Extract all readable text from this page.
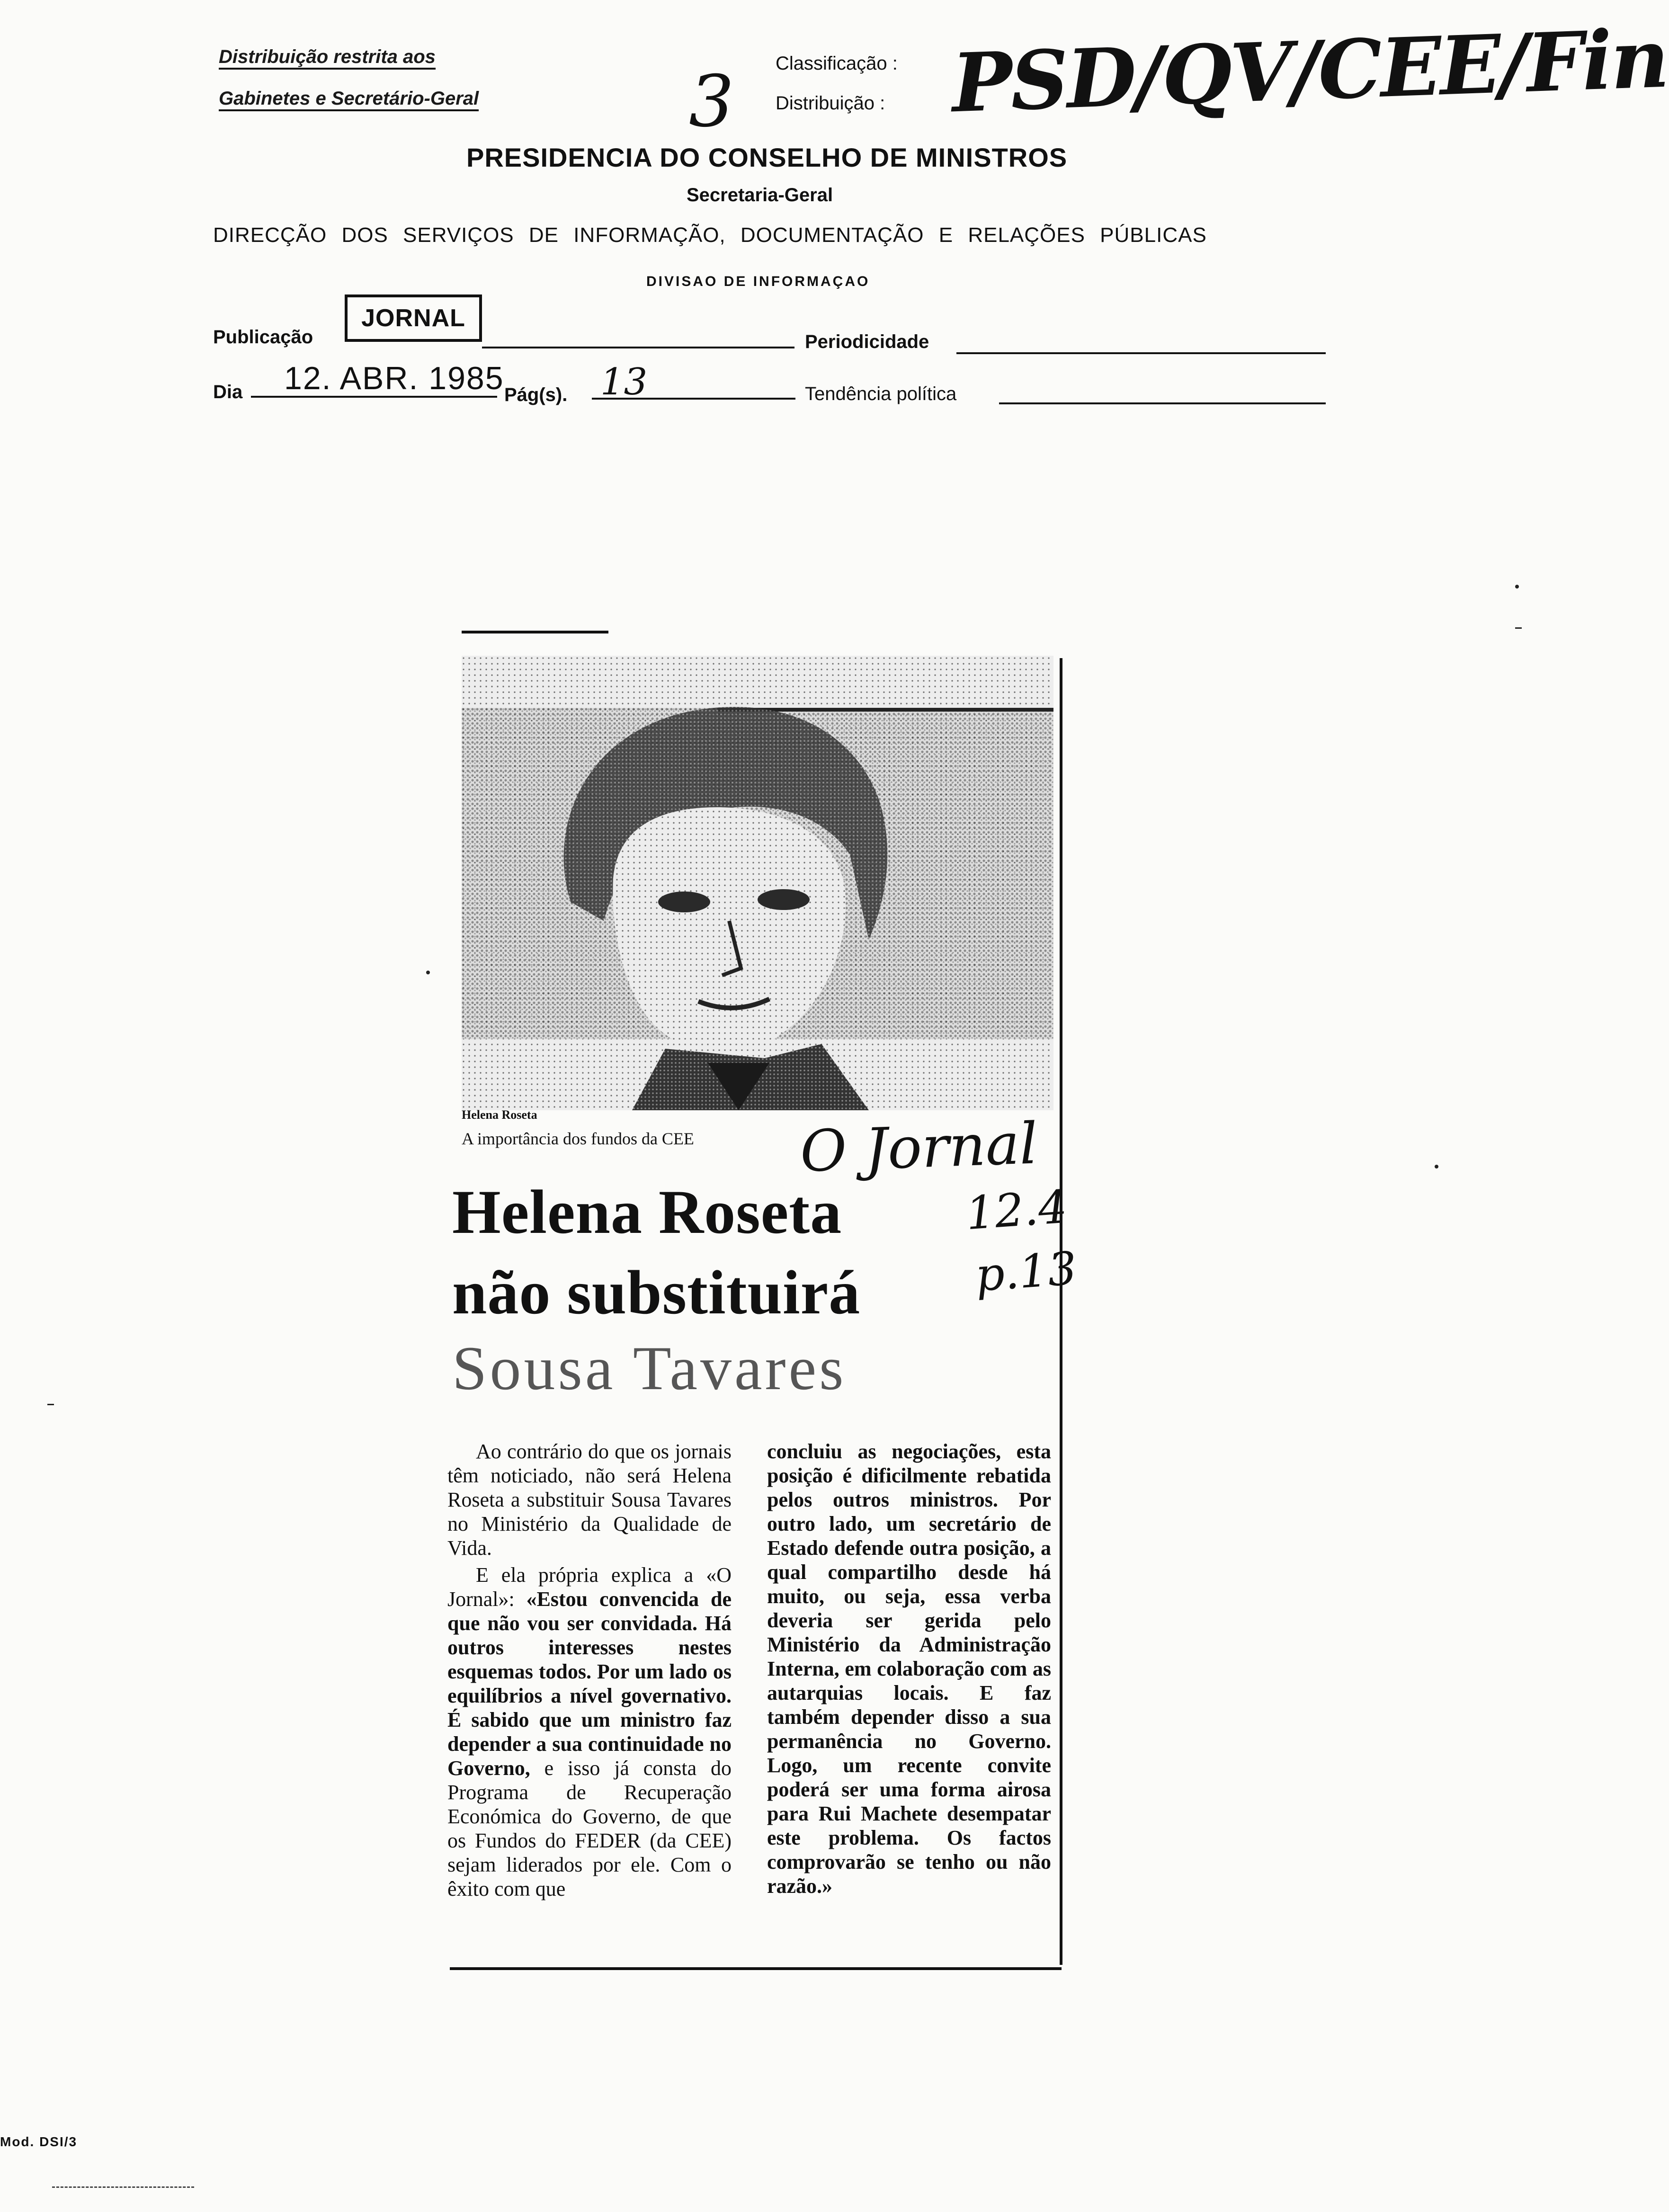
Distribuição restrita aos
Gabinetes e Secretário-Geral	3 Classificação :
Distribuição : PSD/QV/CEE/Fin
PRESIDENCIA DO CONSELHO DE MINISTROS
Secretaria-Geral
DIRECÇÃO DOS SERVIÇOS DE INFORMAÇÃO, DOCUMENTAÇÃO E RELAÇÕES PÚBLICAS
DIVISAO DE INFORMAÇAO
Publicação
JORNAL
Periodicidade
Dia 12. ABR. 1985 Pág(s). 13	Tendência política
Helena Roseta
A importância dos fundos da CEE O Jornal
12.4
p.13
Helena Roseta
não substituirá
Sousa Tavares

Ao contrário do que os jornais têm noticiado, não será Helena Roseta a substituir Sousa Tavares no Ministério da Qualidade de Vida.

E ela própria explica a «O Jornal»: «Estou convencida de que não vou ser convidada. Há outros interesses nestes esquemas todos. Por um lado os equilíbrios a nível governativo. É sabido que um ministro faz depender a sua continuidade no Governo, e isso já consta do Programa de Recuperação Económica do Governo, de que os Fundos do FEDER (da CEE) sejam liderados por ele. Com o êxito com que

concluiu as negociações, esta posição é dificilmente rebatida pelos outros ministros. Por outro lado, um secretário de Estado defende outra posição, a qual compartilho desde há muito, ou seja, essa verba deveria ser gerida pelo Ministério da Administração Interna, em colaboração com as autarquias locais. E faz também depender disso a sua permanência no Governo. Logo, um recente convite poderá ser uma forma airosa para Rui Machete desempatar este problema. Os factos comprovarão se tenho ou não razão.»

Mod. DSI/3
